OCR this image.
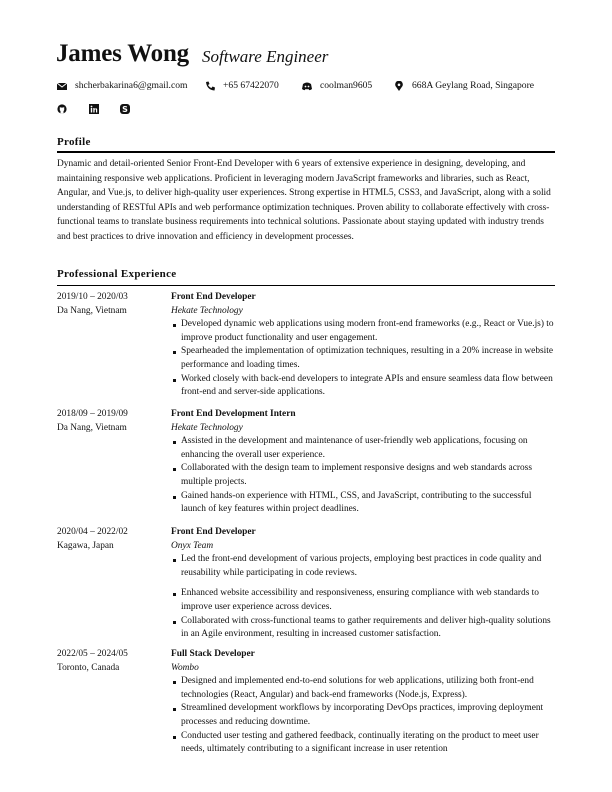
James Wong Software Engineer
shcherbakarina6@gmail.com	+65 67422070	coolman9605	668A Geylang Road, Singapore
S
Profile
Dynamic and detail-oriented Senior Front-End Developer with 6 years of extensive experience in designing, developing, and maintaining responsive web applications. Proficient in leveraging modern JavaScript frameworks and libraries, such as React, Angular, and Vue.js, to deliver high-quality user experiences. Strong expertise in HTML5, CSS3, and JavaScript, along with a solid understanding of RESTful APIs and web performance optimization techniques. Proven ability to collaborate effectively with cross-functional teams to translate business requirements into technical solutions. Passionate about staying updated with industry trends and best practices to drive innovation and efficiency in development processes.
Professional Experience
2019/10 – 2020/03
Da Nang, Vietnam
Front End Developer
Hekate Technology
Developed dynamic web applications using modern front-end frameworks (e.g., React or Vue.js) to improve product functionality and user engagement.
Spearheaded the implementation of optimization techniques, resulting in a 20% increase in website performance and loading times.
Worked closely with back-end developers to integrate APIs and ensure seamless data flow between front-end and server-side applications.
2018/09 – 2019/09
Da Nang, Vietnam
Front End Development Intern
Hekate Technology
Assisted in the development and maintenance of user-friendly web applications, focusing on enhancing the overall user experience.
Collaborated with the design team to implement responsive designs and web standards across multiple projects.
Gained hands-on experience with HTML, CSS, and JavaScript, contributing to the successful launch of key features within project deadlines.
2020/04 – 2022/02
Kagawa, Japan
Front End Developer
Onyx Team
Led the front-end development of various projects, employing best practices in code quality and reusability while participating in code reviews.
Enhanced website accessibility and responsiveness, ensuring compliance with web standards to improve user experience across devices.
Collaborated with cross-functional teams to gather requirements and deliver high-quality solutions in an Agile environment, resulting in increased customer satisfaction.
2022/05 – 2024/05
Toronto, Canada
Full Stack Developer
Wombo
Designed and implemented end-to-end solutions for web applications, utilizing both front-end technologies (React, Angular) and back-end frameworks (Node.js, Express).
Streamlined development workflows by incorporating DevOps practices, improving deployment processes and reducing downtime.
Conducted user testing and gathered feedback, continually iterating on the product to meet user needs, ultimately contributing to a significant increase in user retention
